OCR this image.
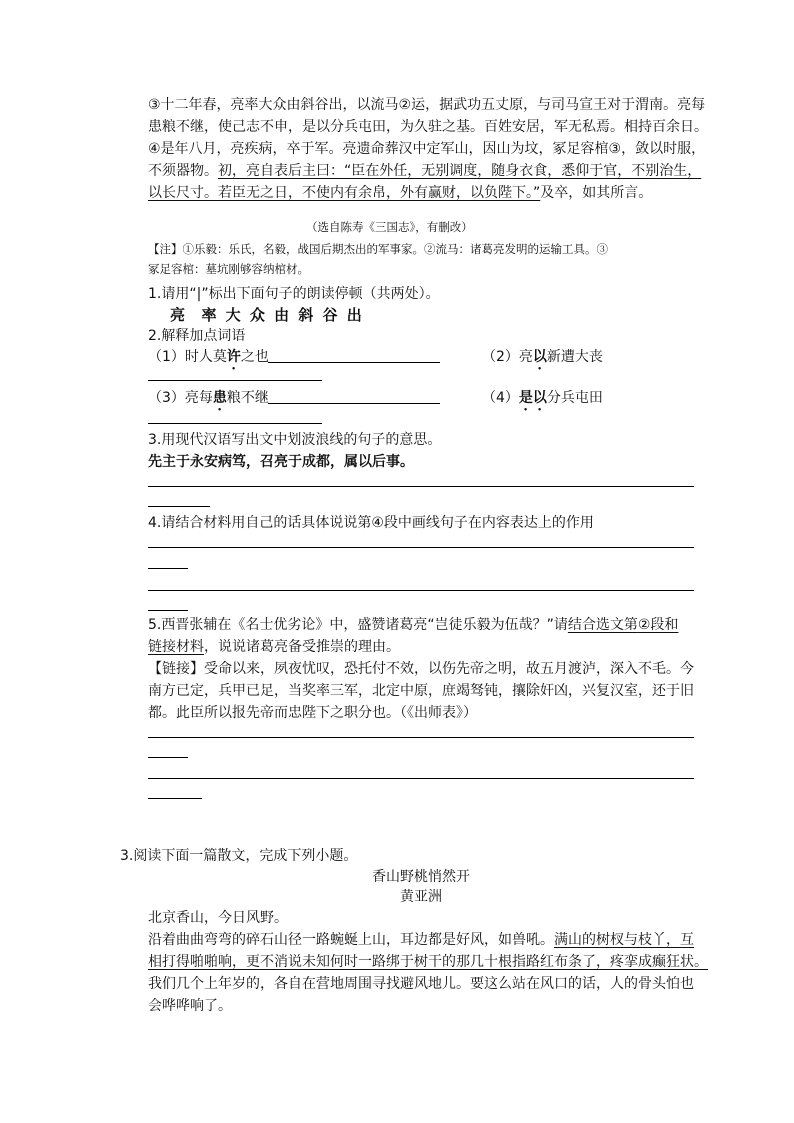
③十二年春，亮率大众由斜谷出，以流马②运，据武功五丈原，与司马宣王对于渭南。亮每
患粮不继，使己志不申，是以分兵屯田，为久驻之基。百姓安居，军无私焉。相持百余日。
④是年八月，亮疾病，卒于军。亮遗命葬汉中定军山，因山为坟，冢足容棺③，敛以时服，
不须器物。初，亮自表后主曰：“臣在外任，无别调度，随身衣食，悉仰于官，不别治生，
以长尺寸。若臣无之日，不使内有余帛，外有赢财，以负陛下。”及卒，如其所言。
（选自陈寿《三国志》，有删改）
【注】①乐毅：乐氏，名毅，战国后期杰出的军事家。②流马：诸葛亮发明的运输工具。③
冢足容棺：墓坑刚够容纳棺材。
1.请用“|”标出下面句子的朗读停顿（共两处）。
亮  率 大 众 由 斜 谷 出
2.解释加点词语
（1）时人莫许之也	（2）亮以新遭大丧
（3）亮每患粮不继	（4）是以分兵屯田
3.用现代汉语写出文中划波浪线的句子的意思。
先主于永安病笃，召亮于成都，属以后事。
4.请结合材料用自己的话具体说说第④段中画线句子在内容表达上的作用
5.西晋张辅在《名士优劣论》中，盛赞诸葛亮“岂徒乐毅为伍哉？”请结合选文第②段和
链接材料，说说诸葛亮备受推崇的理由。
【链接】受命以来，夙夜忧叹，恐托付不效，以伤先帝之明，故五月渡泸，深入不毛。今
南方已定，兵甲已足，当奖率三军，北定中原，庶竭驽钝，攘除奸凶，兴复汉室，还于旧
都。此臣所以报先帝而忠陛下之职分也。（《出师表》）
3.阅读下面一篇散文，完成下列小题。
香山野桃悄然开
黄亚洲
北京香山，今日风野。
沿着曲曲弯弯的碎石山径一路蜿蜒上山，耳边都是好风，如兽吼。满山的树杈与枝丫，互
相打得啪啪响，更不消说未知何时一路绑于树干的那几十根指路红布条了，疼挛成癫狂状。
我们几个上年岁的，各自在营地周围寻找避风地儿。要这么站在风口的话，人的骨头怕也
会哗哗响了。
